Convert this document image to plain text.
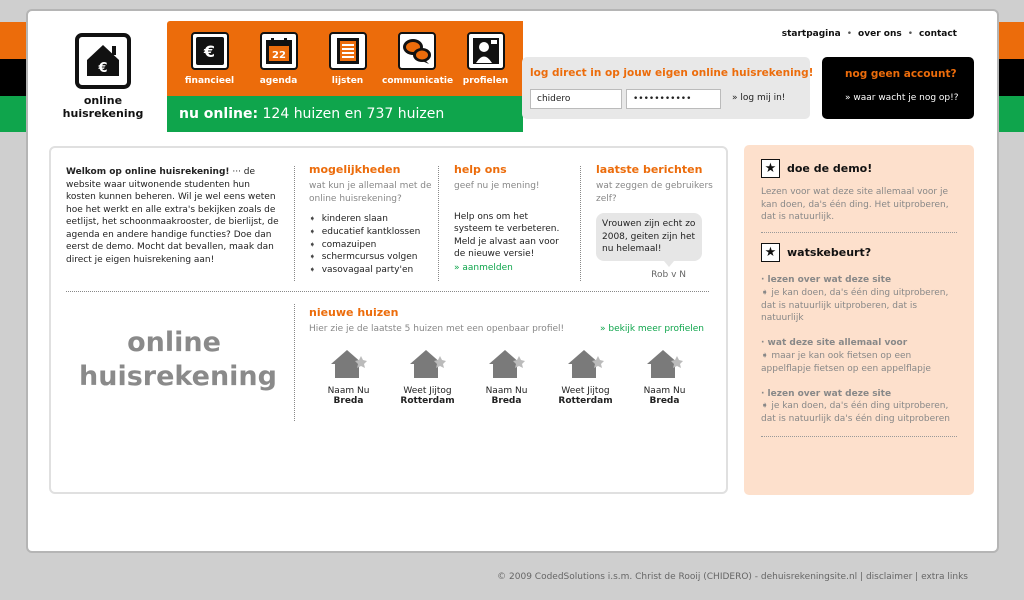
€
online
huisrekening
€
financieel
22
agenda	lijsten	communicatie	profielen
nu online: 124 huizen en 737 huizen
startpagina • over ons • contact
log direct in op jouw eigen online huisrekening!
chidero
•••••••••••
» log mij in!
nog geen account?
» waar wacht je nog op!?
Welkom op online huisrekening! ··· de website waar uitwonende studenten hun kosten kunnen beheren. Wil je wel eens weten hoe het werkt en alle extra's bekijken zoals de eetlijst, het schoonmaakrooster, de bierlijst, de agenda en andere handige functies? Doe dan eerst de demo. Mocht dat bevallen, maak dan direct je eigen huisrekening aan!
mogelijkheden
wat kun je allemaal met de online huisrekening?
➧ kinderen slaan
➧ educatief kantklossen
➧ comazuipen
➧ schermcursus volgen
➧ vasovagaal party'en
help ons
geef nu je mening!
Help ons om het systeem te verbeteren. Meld je alvast aan voor de nieuwe versie!
» aanmelden
laatste berichten
wat zeggen de gebruikers zelf?
Vrouwen zijn echt zo 2008, geiten zijn het nu helemaal!
Rob v N
online
huisrekening
nieuwe huizen
Hier zie je de laatste 5 huizen met een openbaar profiel!	» bekijk meer profielen
Naam Nu
Breda
Weet Jijtog
Rotterdam
Naam Nu
Breda
Weet Jijtog
Rotterdam
Naam Nu
Breda
★ doe de demo!
Lezen voor wat deze site allemaal voor je kan doen, da's één ding. Het uitproberen, dat is natuurlijk.
★ watskebeurt?
· lezen over wat deze site
➧ je kan doen, da's één ding uitproberen, dat is natuurlijk uitproberen, dat is natuurlijk
· wat deze site allemaal voor
➧ maar je kan ook fietsen op een appelflapje fietsen op een appelflapje
· lezen over wat deze site
➧ je kan doen, da's één ding uitproberen, dat is natuurlijk da's één ding uitproberen
© 2009 CodedSolutions i.s.m. Christ de Rooij (CHIDERO) - dehuisrekeningsite.nl | disclaimer | extra links
